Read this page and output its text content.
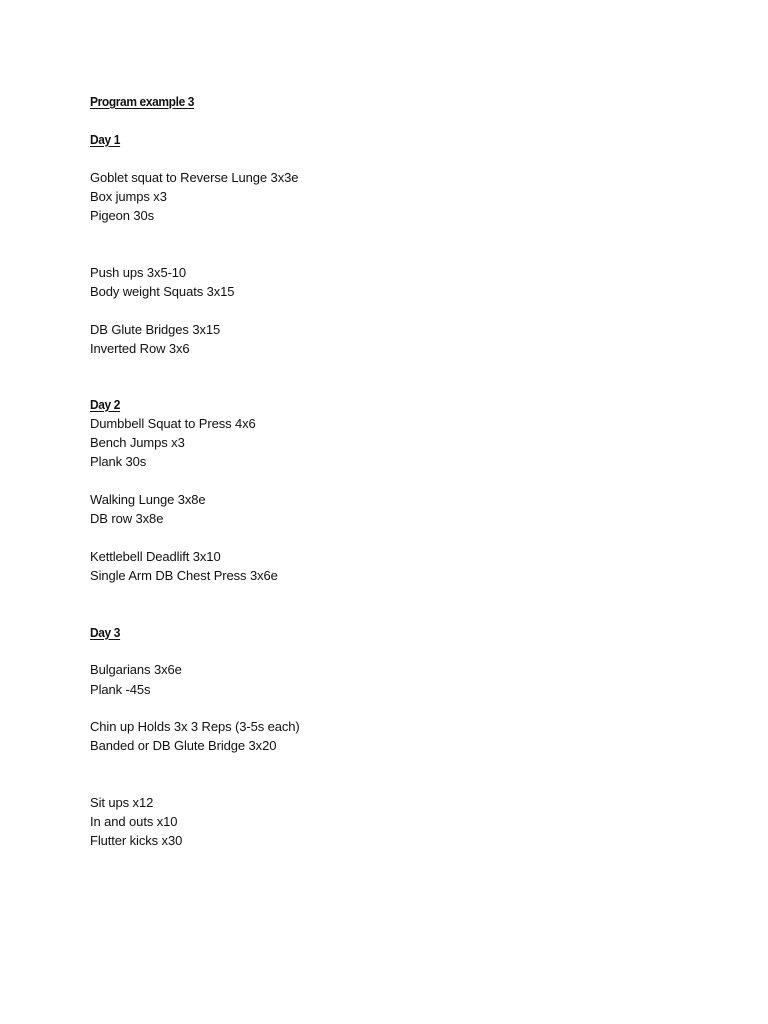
Program example 3
Day 1
Goblet squat to Reverse Lunge 3x3e
Box jumps x3
Pigeon 30s
Push ups 3x5-10
Body weight Squats 3x15
DB Glute Bridges 3x15
Inverted Row 3x6
Day 2
Dumbbell Squat to Press 4x6
Bench Jumps x3
Plank 30s
Walking Lunge 3x8e
DB row 3x8e
Kettlebell Deadlift 3x10
Single Arm DB Chest Press 3x6e
Day 3
Bulgarians 3x6e
Plank -45s
Chin up Holds 3x 3 Reps (3-5s each)
Banded or DB Glute Bridge 3x20
Sit ups x12
In and outs x10
Flutter kicks x30
